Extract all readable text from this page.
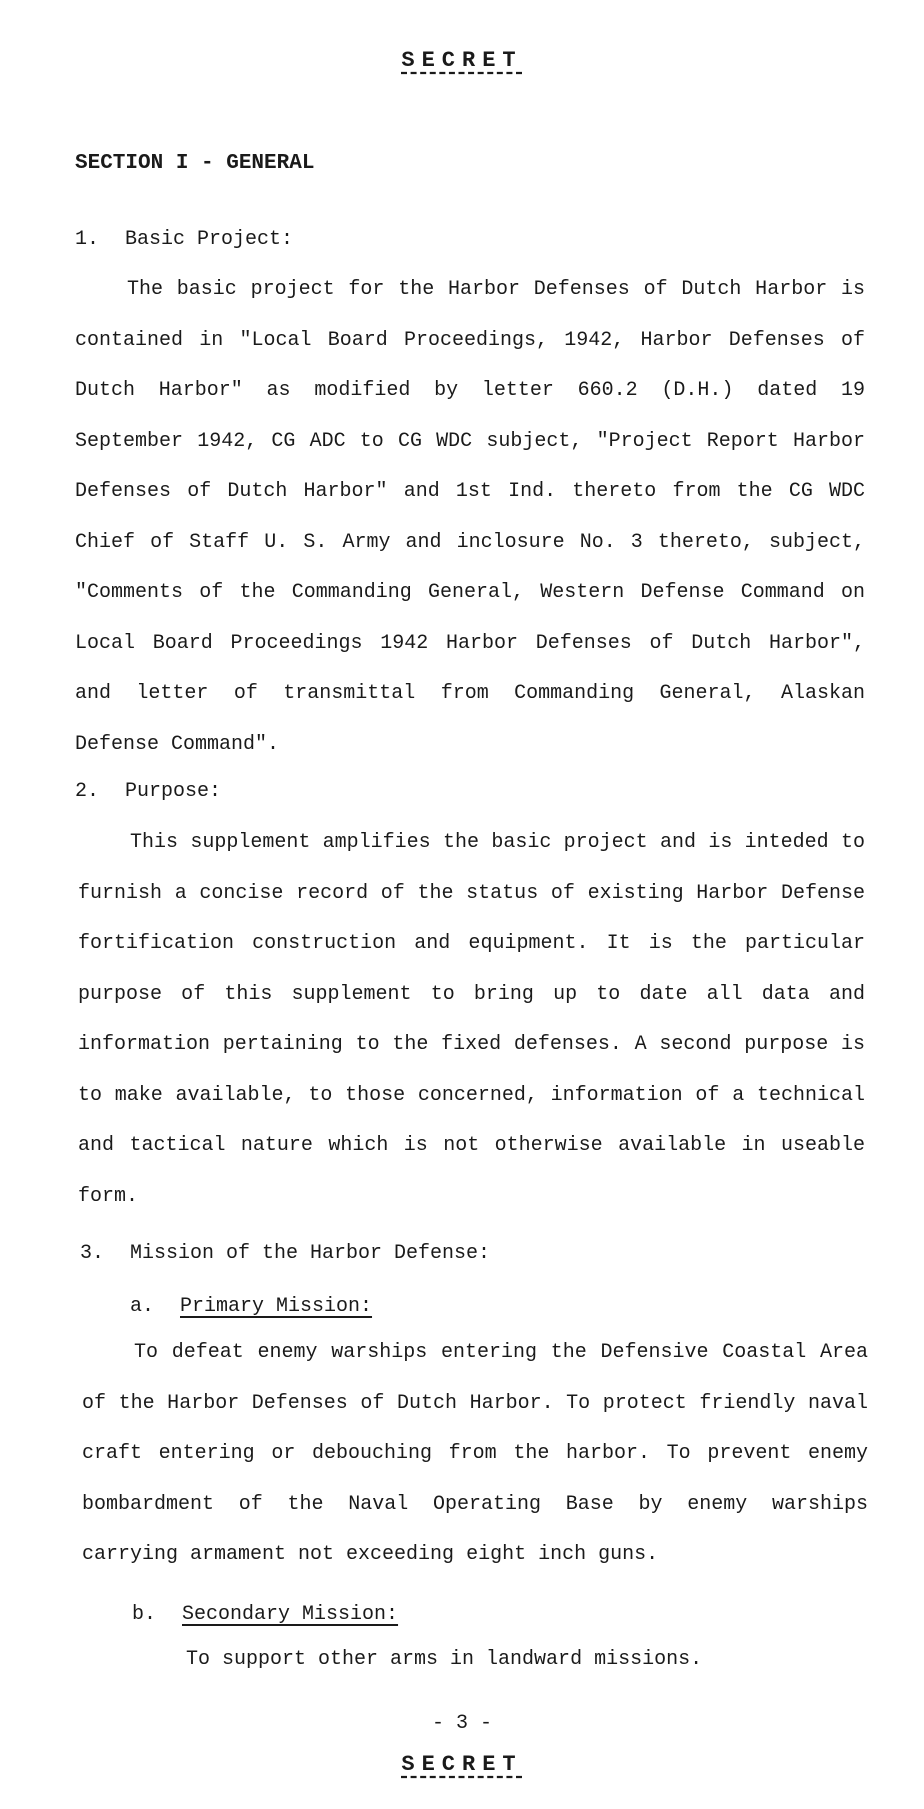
SECRET
SECTION I - GENERAL
1. Basic Project:

The basic project for the Harbor Defenses of Dutch Harbor is contained in "Local Board Proceedings, 1942, Harbor Defenses of Dutch Harbor" as modified by letter 660.2 (D.H.) dated 19 September 1942, CG ADC to CG WDC subject, "Project Report Harbor Defenses of Dutch Harbor" and 1st Ind. thereto from the CG WDC Chief of Staff U. S. Army and inclosure No. 3 thereto, subject, "Comments of the Commanding General, Western Defense Command on Local Board Proceedings 1942 Harbor Defenses of Dutch Harbor", and letter of transmittal from Commanding General, Alaskan Defense Command".

2. Purpose:

This supplement amplifies the basic project and is inteded to furnish a concise record of the status of existing Harbor Defense fortification construction and equipment. It is the particular purpose of this supplement to bring up to date all data and information pertaining to the fixed defenses. A second purpose is to make available, to those concerned, information of a technical and tactical nature which is not otherwise available in useable form.

3. Mission of the Harbor Defense:
a. Primary Mission:

To defeat enemy warships entering the Defensive Coastal Area of the Harbor Defenses of Dutch Harbor. To protect friendly naval craft entering or debouching from the harbor. To prevent enemy bombardment of the Naval Operating Base by enemy warships carrying armament not exceeding eight inch guns.

b. Secondary Mission:

To support other arms in landward missions.

- 3 -
SECRET
